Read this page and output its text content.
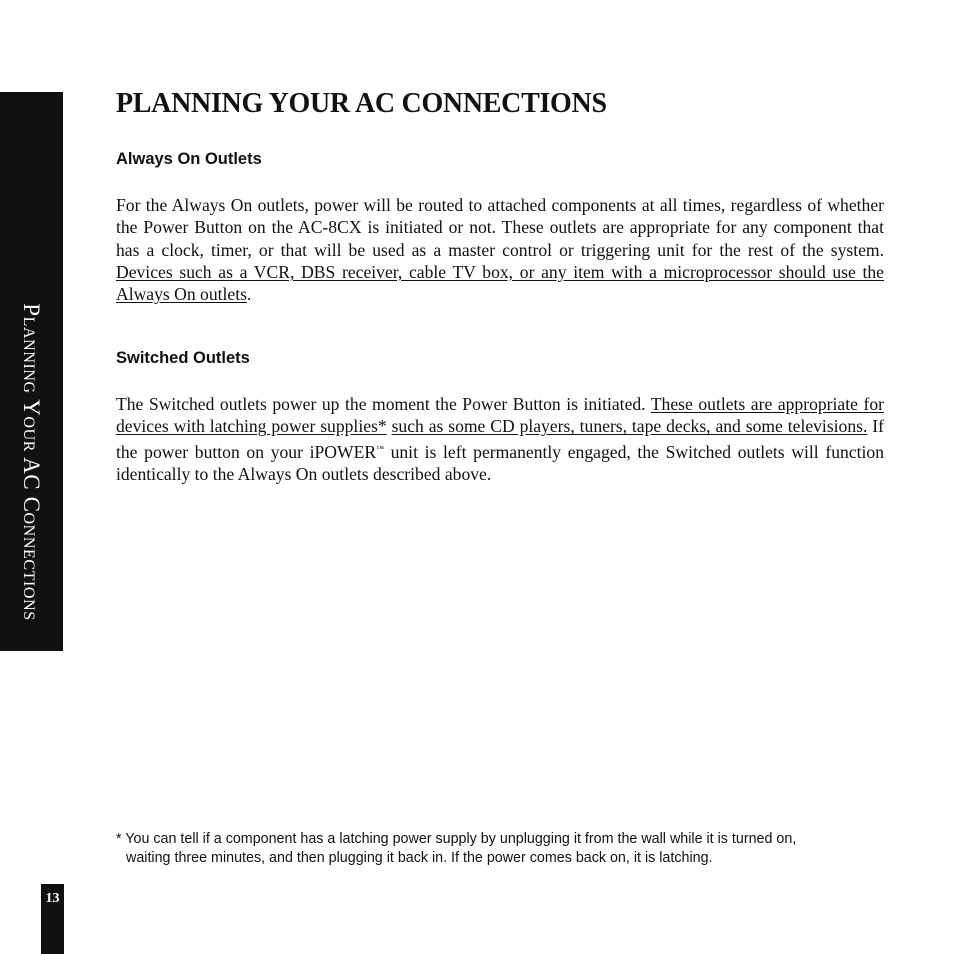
Planning Your AC Connections
PLANNING YOUR AC CONNECTIONS
Always On Outlets

For the Always On outlets, power will be routed to attached components at all times, regardless of whether the Power Button on the AC-8CX is initiated or not. These outlets are appropriate for any component that has a clock, timer, or that will be used as a master control or triggering unit for the rest of the system. Devices such as a VCR, DBS receiver, cable TV box, or any item with a microprocessor should use the Always On outlets.

Switched Outlets

The Switched outlets power up the moment the Power Button is initiated. These outlets are appropriate for devices with latching power supplies* such as some CD players, tuners, tape decks, and some televisions. If the power button on your iPOWER™ unit is left permanently engaged, the Switched outlets will function identically to the Always On outlets described above.

* You can tell if a component has a latching power supply by unplugging it from the wall while it is turned on,
waiting three minutes, and then plugging it back in. If the power comes back on, it is latching.

13
